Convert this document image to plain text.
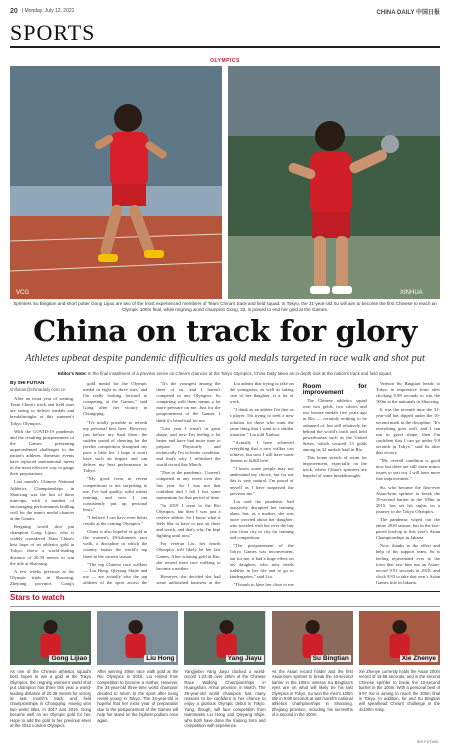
20 | Monday, July 12, 2021	CHINA DAILY 中国日报
SPORTS
OLYMPICS
VCG	XINHUA
Sprinters Su Bingtian and short putter Gong Lijiao are two of the most experienced members of Team China's track and field squad. In Tokyo, the 31-year-old Su will aim to become the first Chinese to reach an Olympic 100m final, while reigning world champion Gong, 32, is poised to end her gold at the Games.
China on track for glory
Athletes upbeat despite pandemic difficulties as gold medals targeted in race walk and shot put
Editor's Note: In the final installment of a preview series on China's chances at the Tokyo Olympics, China Daily takes an in-depth look at the nation's track and field squad.
By SHI FUTIAN
shifutian@chinadaily.com.cn

After an extra year of waiting, Team China's track and field stars are raring to deliver medals and breakthroughs at this summer's Tokyo Olympics.

With the COVID-19 pandemic and the resulting postponement of the Games presenting unprecedented challenges to the nation's athletes, domestic events have replaced international meets as the most effective way to gauge their preparations.

Last month's Chinese National Athletics Championships in Shaoxing was the last of these tune-ups, with a number of encouraging performances bodling well for the team's medal chances at the Games.

Reigning world shot put champion Gong Lijiao, who is widely considered Team China's best hope of an athletics gold in Tokyo, threw a world-leading distance of 20.39 meters to win the title at Shaoxing.

A few weeks previous at the Olympic trials in Shaoxing, Zhejiang province, Gong's

gold medal for the Olympic medal in eight in three tries, and I'm really looking forward to competing at the Games," said Gong after her victory in Chongqing.

"It's totally possible to refresh my personal best here. However, just before my final three, the sudden sound of cheering for the javelin competition disrupted my pace a little bit. I hope it won't have such an impact and can deliver my best performance in Tokyo.

"My good form in recent competitions is not surprising to me. I've had quality, solid winter training, and now I can consistently put up personal bests."

"I believe I can have even better results at the coming Olympics."

China is also hopeful of gold in the women's 20-kilometer race walk, a discipline in which the country boasts the world's top three in the current season.

"The top Chinese race walkers — Liu Hong, Qieyang Shijie and me — are actually also the top athletes of the sport across the

"It's the youngest among the three of us, and I haven't competed in any Olympics. So competing with them means a lot more pressure on me. Just for the postponement of the Games, I think it's beneficial for me.

"Last year I wasn't in great shape, and now I'm feeling a lot better and have had more time to prepare. Physically and technically I'm in better condition, and that's why I refreshed the world record this March.

"Due to the pandemic, I haven't competed in any event over the last year. So I was not that confident and I felt I lost some momentum for that period of time.

"In 2019 I went to the Rio Olympics, but then I was just a reserve athlete. So I know what it feels like to have to just sit there and watch, and that's why I'm kept fighting until now."

For veteran Liu, her fourth Olympics will likely be her last Games. After winning gold in Rio, she retired from race walking to become a mother.

However, she decided she had some unfinished business at the

Liu admits that trying to take on the youngsters, as well as taking care of her daughter, is a lot of work.

"I think as an athlete I'm fine as a player. I'm trying to seek a new solution for those who want the same thing that I want to a similar situation," Liu told Xinhua.

"Actually I have achieved everything that a race walker can achieve, but now I still have some dreams to fulfill here.

"I know some people may not understand my choice, but for me this is very natural. I'm proud of myself as I have surpassed the previous me."

Liu said the pandemic had massively disrupted her training plans, but, as a mother, she was more worried about her daughter, who traveled with her over the last year from city to city for training and competition.

"The postponement of the Tokyo Games was inconvenient, but for me, it had a huge effect on my daughter, who now needs stability in her life and to go to kindergarten," said Liu.

"Though to have her close to me

Room for improvement

The Chinese athletics squad won two golds, two silvers and two bronze medals five years ago in Rio — certainly nothing to be ashamed of, but still relatively far behind the world's track and field powerhouses such as the United States, which secured 13 golds among its 32 medals haul in Rio.

This home stretch of room for improvement, especially on the track, where China's sprinters are hopeful of some breakthroughs.

Veteran Su Bingtian heads to Tokyo in impressive form after clocking 9.98 seconds to win the 100m at the nationals in Shaoxing.

It was the seventh time the 31-year-old has dipped under the 10-second mark in the discipline. "It's everything goes well, and I can run in good shape, then I'm confident that I can go under 9.9 seconds in Tokyo," said Su after that victory.

"My overall condition is good now but there are still some minor issues to sort out. I will have more fine improvement."

Su, who became the first-ever Asian-born sprinter to break the 10-second barrier in the 100m in 2015, has set his sights on a journey to the Tokyo Olympics.

The pandemic wiped out the entire 2020 season, but in the fast-paced lead-up to this year's Asian Championships in Jakarta.

Now, thanks to the effort and help of his support team, Su is feeling rejuvenated ever to the form that saw him run an Asian-record 9.91 seconds in 2018, and clock 9.83 to take that year's Asian Games title in Jakarta.

Stars to watch
Gong Lijiao
As one of the Chinese athletics squad's best hopes to win a gold at the Tokyo Olympics, the reigning women's world shot put champion has three this year a world-leading distance of 20.39 meters for victory at last month's track and field championships in Chongqing. Having won two world titles, in 2017 and 2019, Gong became well on an Olympic gold for her. Hope to add the gold to her previous silver at the 2012 London Olympics.
Liu Hong
After winning 20km race walk gold at the Rio Olympics in 2016, Liu retired from competition to become a mother. However, the 34-year-old three-time world champion decided to return to the sport after being revisit young in Tokyo. The 34-year-old is hopeful that her extra year of preparation due to the postponement of the Games will help her stand on the highest podium once again.
Yang Jiayu
Yangjiebei Yang Jiayu clocked a world-record 1:23:49 over 20km of the Chinese Race Walking Championships in Huangshan, Anhui province, in March. The 25-year-old world champion has many reasons to be confident in her chance to enjoy a glorious Olympic debut in Tokyo. Yang, though, will face competition from teammates Liu Hong and Qieyang Shijie, who both have done the training form and competition with experience.
Su Bingtian
As the Asian record holder and the first Asian-born sprinter to break the 10-second barrier in the 100m, veteran Su Bingtian's eyes are on what will likely be his last Olympics in Tokyo. Su won the men's 100m title in 9.98 seconds at last month's national athletics championships in Shaoxing, Zhejiang province, including his six-tenths of a second in the 100m.
Xie Zhenye
Xie Zhenye currently holds the Asian 200m record of 19.88 seconds, and is the second Chinese sprinter to break the 10-second barrier in the 100m. With a personal best of 9.97 Xie is aiming to reach the 200m final in Tokyo. In addition, he and Su Bingtian will spearhead China's challenge in the 4x100m relay.
SHI FUTIAN
